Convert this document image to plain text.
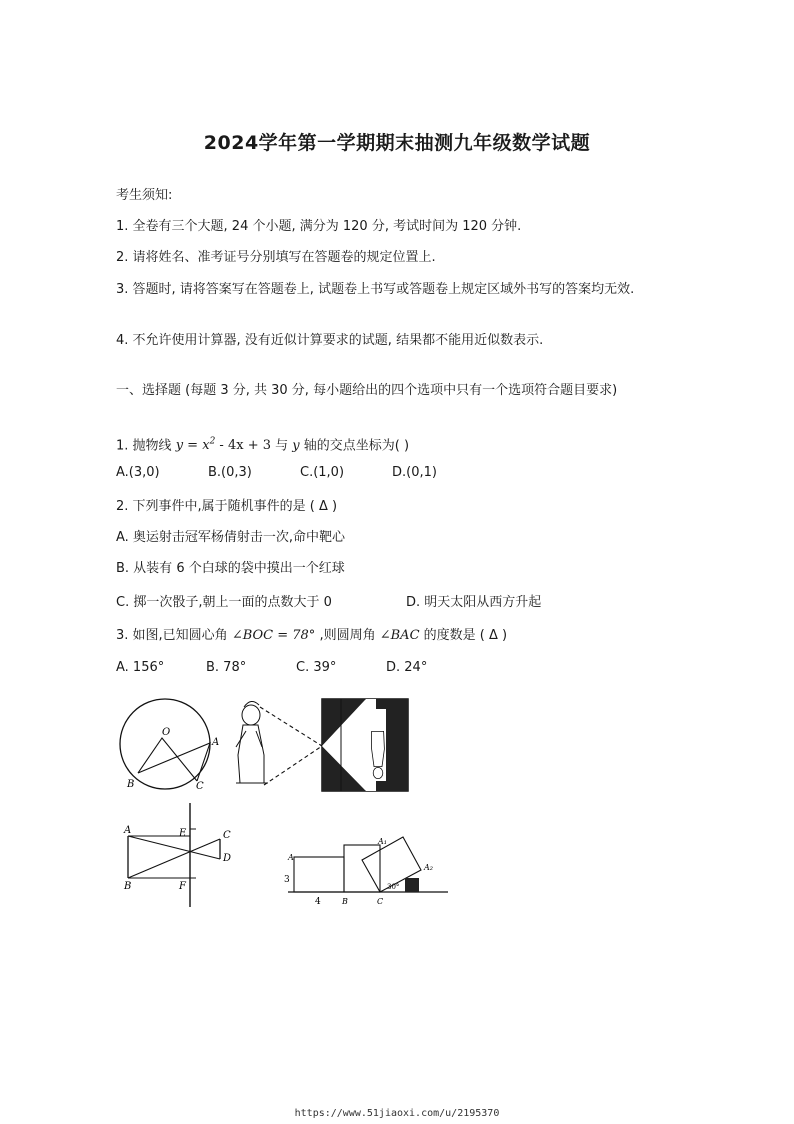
2024学年第一学期期末抽测九年级数学试题
考生须知:
1. 全卷有三个大题, 24 个小题, 满分为 120 分, 考试时间为 120 分钟.
2. 请将姓名、准考证号分别填写在答题卷的规定位置上.
3. 答题时, 请将答案写在答题卷上, 试题卷上书写或答题卷上规定区域外书写的答案均无效.
4. 不允许使用计算器, 没有近似计算要求的试题, 结果都不能用近似数表示.
一、选择题 (每题 3 分, 共 30 分, 每小题给出的四个选项中只有一个选项符合题目要求)
1. 抛物线 $y = x^2 - 4x + 3$ 与 y 轴的交点坐标为( )
A.(3,0)	B.(0,3)	C.(1,0)	D.(0,1)
2. 下列事件中,属于随机事件的是 ( Δ )
A. 奥运射击冠军杨倩射击一次,命中靶心
B. 从装有 6 个白球的袋中摸出一个红球
C. 掷一次骰子,朝上一面的点数大于 0	D. 明天太阳从西方升起
3. 如图,已知圆心角 ∠BOC = 78° ,则圆周角 ∠BAC 的度数是 ( Δ )
A. 156°	B. 78°	C. 39°	D. 24°
O
A
B	C
A
B
E
F
C
D	A
A₁
A₂
B	C
3
4
30°
https://www.51jiaoxi.com/u/2195370
